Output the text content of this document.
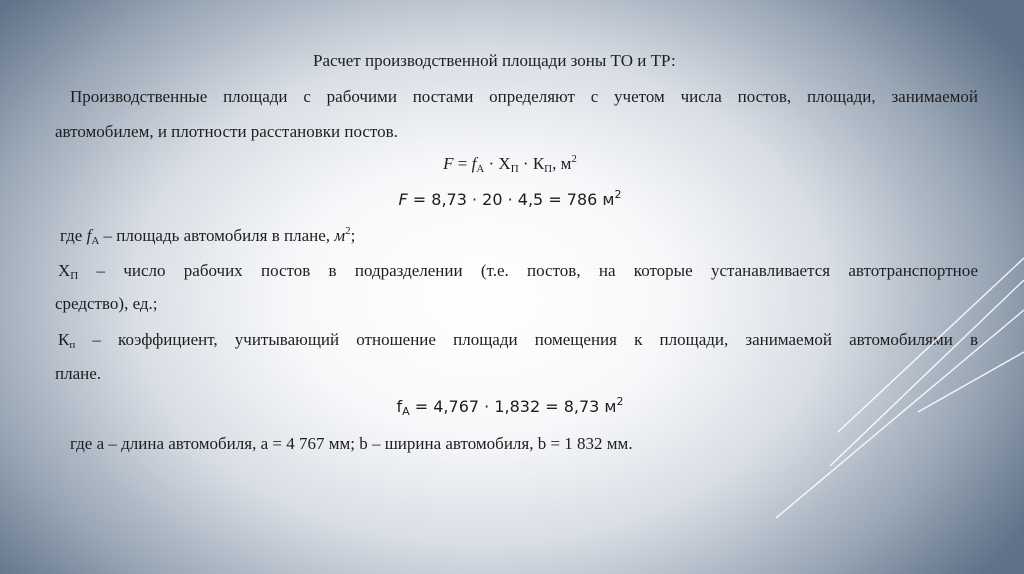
Расчет производственной площади зоны ТО и ТР:
Производственные площади с рабочими постами определяют с учетом числа постов, площади, занимаемой
автомобилем, и плотности расстановки постов.
$F = f_A \cdot Х_П \cdot К_П$, $м^2$
F = 8,73 · 20 · 4,5 = 786 $м^2$
где $f_A$ – площадь автомобиля в плане, $м^2$;
$Х_П$ – число рабочих постов в подразделении (т.е. постов, на которые устанавливается автотранспортное
средство), ед.;
$К_п$ – коэффициент, учитывающий отношение площади помещения к площади, занимаемой автомобилями в
плане.
$f_A = 4,767 \cdot 1,832 = 8,73$ $м^2$
где a – длина автомобиля, a = 4 767 мм; b – ширина автомобиля, b = 1 832 мм.
